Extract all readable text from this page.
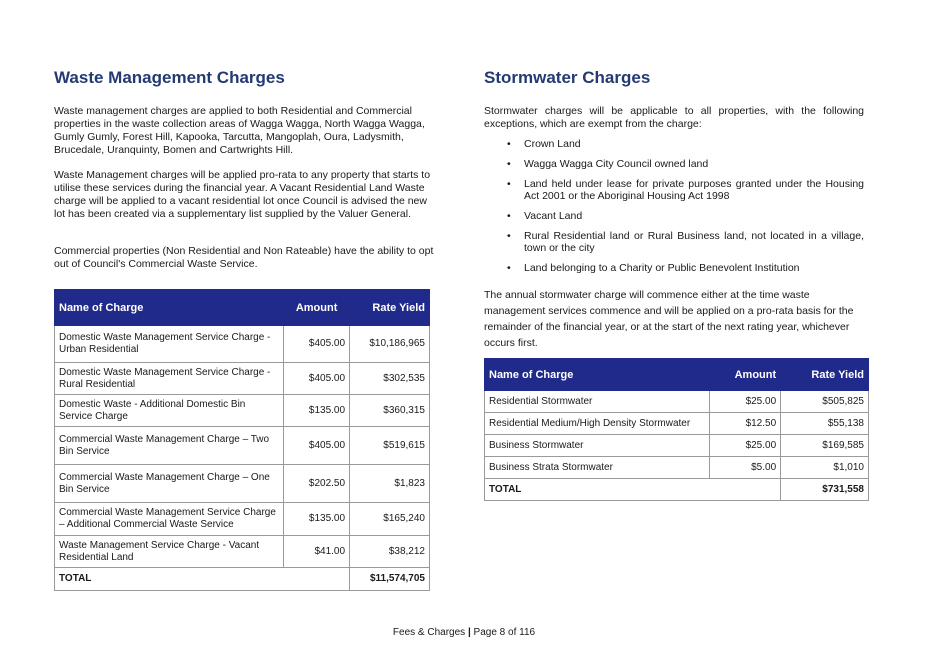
Waste Management Charges

Waste management charges are applied to both Residential and Commercial properties in the waste collection areas of Wagga Wagga, North Wagga Wagga, Gumly Gumly, Forest Hill, Kapooka, Tarcutta, Mangoplah, Oura, Ladysmith, Brucedale, Uranquinty, Bomen and Cartwrights Hill.

Waste Management charges will be applied pro-rata to any property that starts to utilise these services during the financial year. A Vacant Residential Land Waste charge will be applied to a vacant residential lot once Council is advised the new lot has been created via a supplementary list supplied by the Valuer General.

Commercial properties (Non Residential and Non Rateable) have the ability to opt out of Council's Commercial Waste Service.

Name of Charge	Amount	Rate Yield
Domestic Waste Management Service Charge - Urban Residential	$405.00	$10,186,965
Domestic Waste Management Service Charge - Rural Residential	$405.00	$302,535
Domestic Waste - Additional Domestic Bin Service Charge	$135.00	$360,315
Commercial Waste Management Charge – Two Bin Service	$405.00	$519,615
Commercial Waste Management Charge – One Bin Service	$202.50	$1,823
Commercial Waste Management Service Charge – Additional Commercial Waste Service	$135.00	$165,240
Waste Management Service Charge - Vacant Residential Land	$41.00	$38,212
TOTAL		$11,574,705
Stormwater Charges

Stormwater charges will be applicable to all properties, with the following exceptions, which are exempt from the charge:

• Crown Land
• Wagga Wagga City Council owned land
• Land held under lease for private purposes granted under the Housing Act 2001 or the Aboriginal Housing Act 1998
• Vacant Land
• Rural Residential land or Rural Business land, not located in a village, town or the city
• Land belonging to a Charity or Public Benevolent Institution

The annual stormwater charge will commence either at the time waste management services commence and will be applied on a pro-rata basis for the remainder of the financial year, or at the start of the next rating year, whichever occurs first.

Name of Charge	Amount	Rate Yield
Residential Stormwater	$25.00	$505,825
Residential Medium/High Density Stormwater	$12.50	$55,138
Business Stormwater	$25.00	$169,585
Business Strata Stormwater	$5.00	$1,010
TOTAL		$731,558
Fees & Charges | Page 8 of 116
